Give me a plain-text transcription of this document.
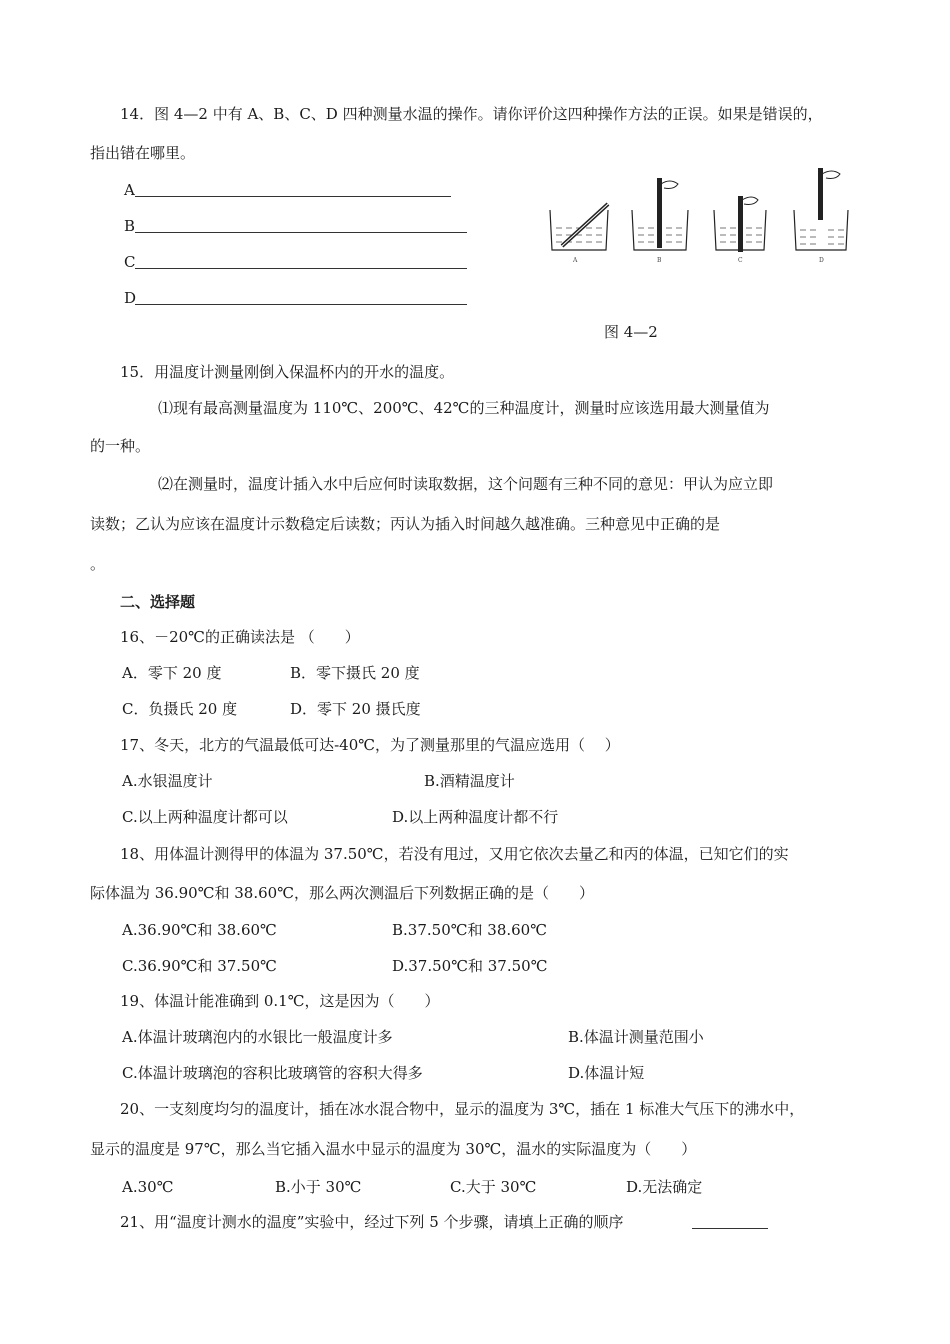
14．图 4—2 中有 A、B、C、D 四种测量水温的操作。请你评价这四种操作方法的正误。如果是错误的，
指出错在哪里。
A
B
C
D
A	B	C	D
图 4—2
15．用温度计测量刚倒入保温杯内的开水的温度。
⑴现有最高测量温度为 110℃、200℃、42℃的三种温度计，测量时应该选用最大测量值为
的一种。
⑵在测量时，温度计插入水中后应何时读取数据，这个问题有三种不同的意见：甲认为应立即
读数；乙认为应该在温度计示数稳定后读数；丙认为插入时间越久越准确。三种意见中正确的是
。
二、选择题
16、－20℃的正确读法是 （　　）
A．零下 20 度	B．零下摄氏 20 度
C．负摄氏 20 度	D．零下 20 摄氏度
17、冬天，北方的气温最低可达-40℃，为了测量那里的气温应选用（　 ）
A.水银温度计	B.酒精温度计
C.以上两种温度计都可以	D.以上两种温度计都不行
18、用体温计测得甲的体温为 37.50℃，若没有甩过，又用它依次去量乙和丙的体温，已知它们的实
际体温为 36.90℃和 38.60℃，那么两次测温后下列数据正确的是（　　）
A.36.90℃和 38.60℃	B.37.50℃和 38.60℃
C.36.90℃和 37.50℃	D.37.50℃和 37.50℃
19、体温计能准确到 0.1℃，这是因为（　　）
A.体温计玻璃泡内的水银比一般温度计多	B.体温计测量范围小
C.体温计玻璃泡的容积比玻璃管的容积大得多	D.体温计短
20、一支刻度均匀的温度计，插在冰水混合物中，显示的温度为 3℃，插在 1 标准大气压下的沸水中，
显示的温度是 97℃，那么当它插入温水中显示的温度为 30℃，温水的实际温度为（　　）
A.30℃	B.小于 30℃	C.大于 30℃	D.无法确定
21、用“温度计测水的温度”实验中，经过下列 5 个步骤，请填上正确的顺序
